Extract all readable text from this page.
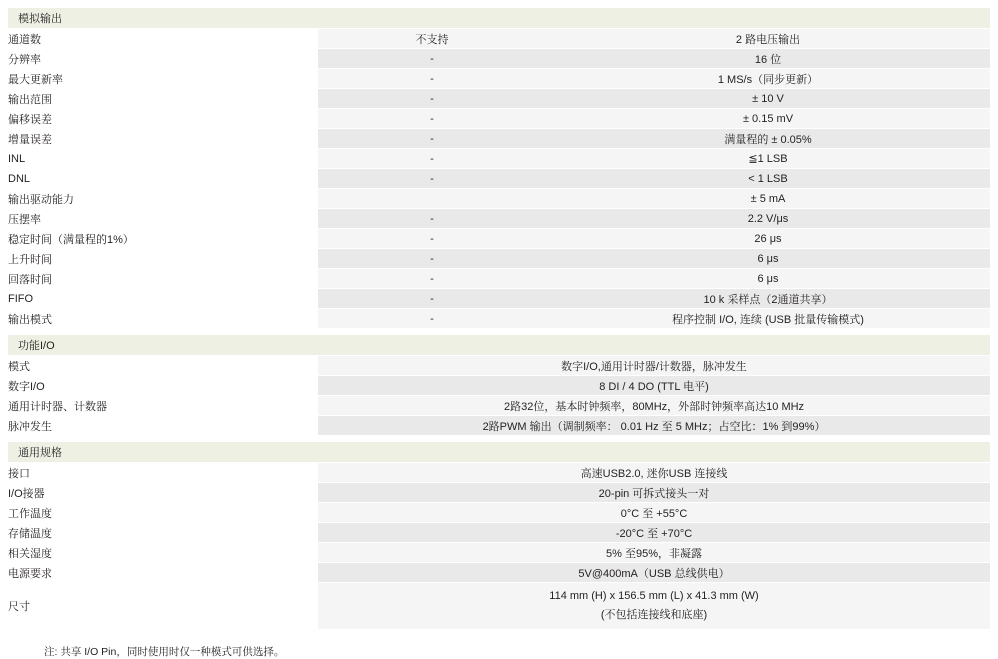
模拟输出		
通道数	不支持	2 路电压输出
分辨率	-	16 位
最大更新率	-	1 MS/s（同步更新）
输出范围	-	± 10 V
偏移误差	-	± 0.15 mV
增量误差	-	满量程的 ± 0.05%
INL	-	≦1 LSB
DNL	-	< 1 LSB
输出驱动能力		± 5 mA
压摆率	-	2.2 V/μs
稳定时间（满量程的1%）	-	26 μs
上升时间	-	6 μs
回落时间	-	6 μs
FIFO	-	10 k 采样点（2通道共享）
输出模式	-	程序控制 I/O, 连续 (USB 批量传输模式)

功能I/O	
模式	数字I/O,通用计时器/计数器，脉冲发生
数字I/O	8 DI / 4 DO (TTL 电平)
通用计时器、计数器	2路32位，基本时钟频率，80MHz，外部时钟频率高达10 MHz
脉冲发生	2路PWM 输出（调制频率： 0.01 Hz 至 5 MHz；占空比：1% 到99%）

通用规格	
接口	高速USB2.0, 迷你USB 连接线
I/O接器	20-pin 可拆式接头一对
工作温度	0°C 至 +55°C
存储温度	-20°C 至 +70°C
相关湿度	5% 至95%，非凝露
电源要求	5V@400mA（USB 总线供电）
尺寸	114 mm (H) x 156.5 mm (L) x 41.3 mm (W)
(不包括连接线和底座)
注: 共享 I/O Pin，同时使用时仅一种模式可供选择。
